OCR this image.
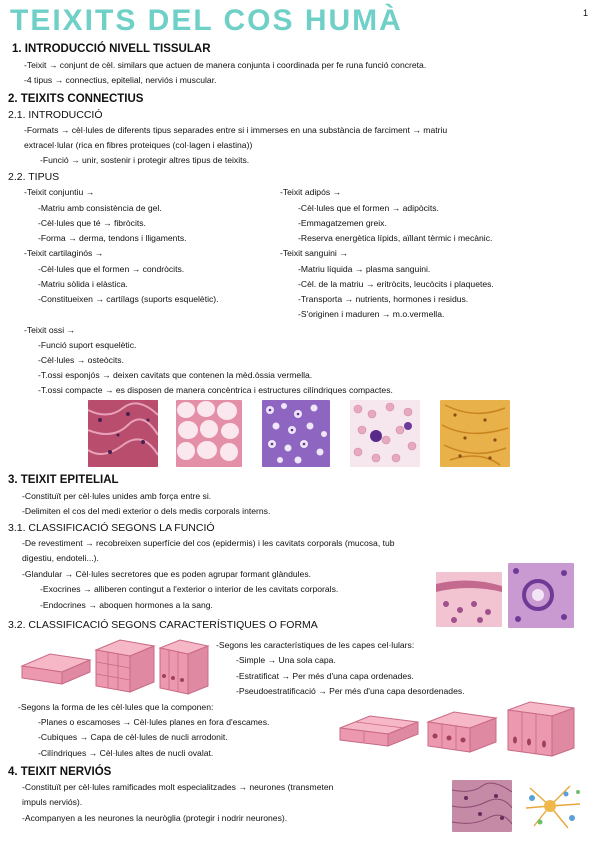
TEIXITS DEL COS HUMÀ	1
1. INTRODUCCIÓ NIVELL TISSULAR
-Teixit → conjunt de cèl. similars que actuen de manera conjunta i coordinada per fe runa funció concreta.
-4 tipus → connectius, epitelial, nerviós i muscular.
2. TEIXITS CONNECTIUS
2.1. INTRODUCCIÓ
-Formats → cèl·lules de diferents tipus separades entre si i immerses en una substància de farciment → matriu
extracel·lular (rica en fibres proteiques (col·lagen i elastina))
-Funció → unir, sostenir i protegir altres tipus de teixits.
2.2. TIPUS
-Teixit conjuntiu →
-Matriu amb consistència de gel.
-Cèl·lules que té → fibròcits.
-Forma → derma, tendons i lligaments.
-Teixit cartilaginós →
-Cèl·lules que el formen → condròcits.
-Matriu sòlida i elàstica.
-Constitueixen → cartílags (suports esquelètic).
-Teixit adipós →
-Cèl·lules que el formen → adipòcits.
-Emmagatzemen greix.
-Reserva energètica lípids, aïllant tèrmic i mecànic.
-Teixit sanguini →
-Matriu líquida → plasma sanguini.
-Cèl. de la matriu → eritròcits, leucòcits i plaquetes.
-Transporta → nutrients, hormones i residus.
-S'originen i maduren → m.o.vermella.
-Teixit ossi →
-Funció suport esquelètic.
-Cèl·lules → osteòcits.
-T.ossi esponjós → deixen cavitats que contenen la mèd.òssia vermella.
-T.ossi compacte → es disposen de manera concèntrica i estructures cilíndriques compactes.
3. TEIXIT EPITELIAL
-Constituït per cèl·lules unides amb força entre si.
-Delimiten el cos del medi exterior o dels medis corporals interns.
3.1. CLASSIFICACIÓ SEGONS LA FUNCIÓ
-De revestiment → recobreixen superfície del cos (epidermis) i les cavitats corporals (mucosa, tub
digestiu, endoteli...).
-Glandular → Cèl·lules secretores que es poden agrupar formant glàndules.
-Exocrines → alliberen contingut a l'exterior o interior de les cavitats corporals.
-Endocrines → aboquen hormones a la sang.
3.2. CLASSIFICACIÓ SEGONS CARACTERÍSTIQUES O FORMA
-Segons les característiques de les capes cel·lulars:
-Simple → Una sola capa.
-Estratificat → Per més d'una capa ordenades.
-Pseudoestratificació → Per més d'una capa desordenades.
-Segons la forma de les cèl·lules que la componen:
-Planes o escamoses → Cèl·lules planes en fora d'escames.
-Cubiques → Capa de cèl·lules de nucli arrodonit.
-Cilíndriques → Cèl·lules altes de nucli ovalat.
4. TEIXIT NERVIÓS
-Constituït per cèl·lules ramificades molt especialitzades → neurones (transmeten
impuls nerviós).
-Acompanyen a les neurones la neuròglia (protegir i nodrir neurones).
